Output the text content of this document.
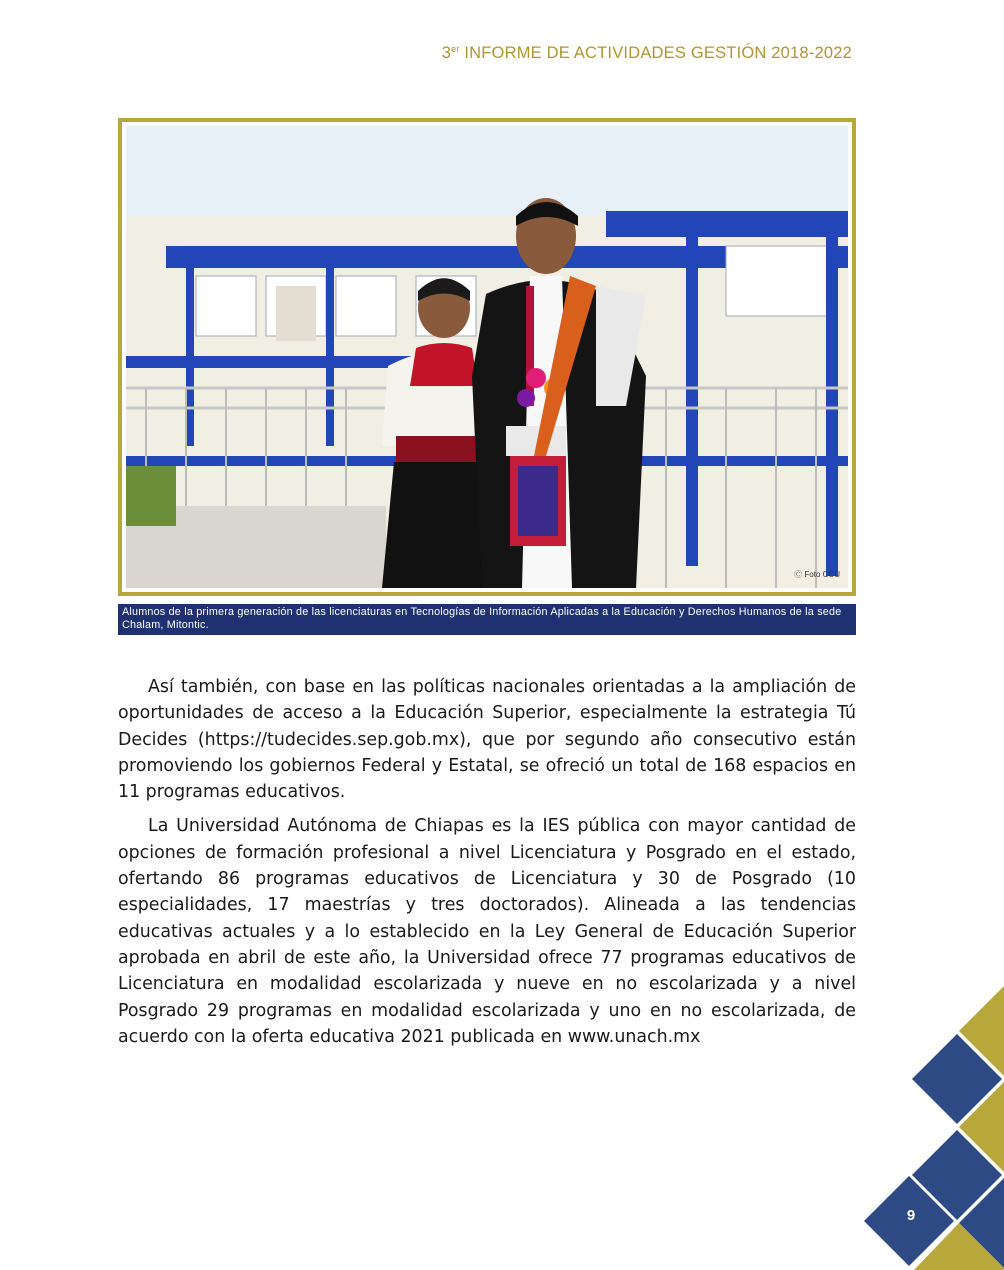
3er INFORME DE ACTIVIDADES GESTIÓN 2018-2022
Ⓒ Foto CCU
Alumnos de la primera generación de las licenciaturas en Tecnologías de Información Aplicadas a la Educación y Derechos Humanos de la sede Chalam, Mitontic.

Así también, con base en las políticas nacionales orientadas a la ampliación de oportunidades de acceso a la Educación Superior, especialmente la estrategia Tú Decides (https://tudecides.sep.gob.mx), que por segundo año consecutivo están promoviendo los gobiernos Federal y Estatal, se ofreció un total de 168 espacios en 11 programas educativos.

La Universidad Autónoma de Chiapas es la IES pública con mayor cantidad de opciones de formación profesional a nivel Licenciatura y Posgrado en el estado, ofertando 86 programas educativos de Licenciatura y 30 de Posgrado (10 especialidades, 17 maestrías y tres doctorados). Alineada a las tendencias educativas actuales y a lo establecido en la Ley General de Educación Superior aprobada en abril de este año, la Universidad ofrece 77 programas educativos de Licenciatura en modalidad escolarizada y nueve en no escolarizada y a nivel Posgrado 29 programas en modalidad escolarizada y uno en no escolarizada, de acuerdo con la oferta educativa 2021 publicada en www.unach.mx

9
